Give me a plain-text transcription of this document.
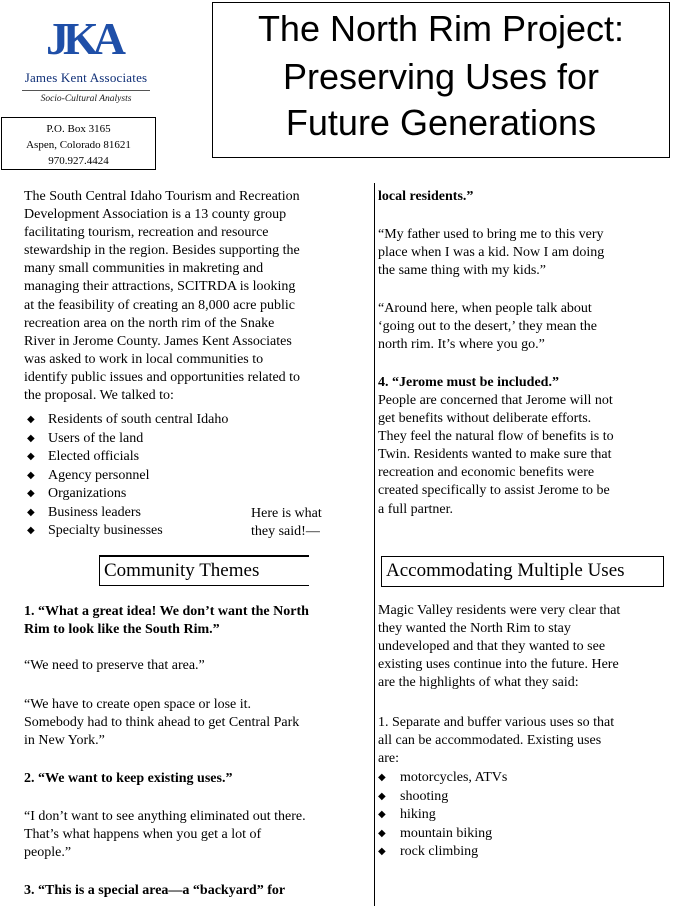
JKA
James Kent Associates
Socio-Cultural Analysts
P.O. Box 3165
Aspen, Colorado 81621
970.927.4424
The North Rim Project:
Preserving Uses for
Future Generations
The South Central Idaho Tourism and Recreation
Development Association is a 13 county group
facilitating tourism, recreation and resource
stewardship in the region. Besides supporting the
many small communities in makreting and
managing their attractions, SCITRDA is looking
at the feasibility of creating an 8,000 acre public
recreation area on the north rim of the Snake
River in Jerome County. James Kent Associates
was asked to work in local communities to
identify public issues and opportunities related to
the proposal. We talked to:
◆ Residents of south central Idaho
◆ Users of the land
◆ Elected officials
◆ Agency personnel
◆ Organizations
◆ Business leaders
◆ Specialty businesses
Here is what
they said!—
Community Themes
1. “What a great idea! We don’t want the North
Rim to look like the South Rim.”
“We need to preserve that area.”
“We have to create open space or lose it.
Somebody had to think ahead to get Central Park
in New York.”
2. “We want to keep existing uses.”
“I don’t want to see anything eliminated out there.
That’s what happens when you get a lot of
people.”
3. “This is a special area—a “backyard” for
local residents.”
“My father used to bring me to this very
place when I was a kid. Now I am doing
the same thing with my kids.”
“Around here, when people talk about
‘going out to the desert,’ they mean the
north rim. It’s where you go.”
4. “Jerome must be included.”
People are concerned that Jerome will not
get benefits without deliberate efforts.
They feel the natural flow of benefits is to
Twin. Residents wanted to make sure that
recreation and economic benefits were
created specifically to assist Jerome to be
a full partner.
Accommodating Multiple Uses
Magic Valley residents were very clear that
they wanted the North Rim to stay
undeveloped and that they wanted to see
existing uses continue into the future. Here
are the highlights of what they said:
1. Separate and buffer various uses so that
all can be accommodated. Existing uses
are:
◆ motorcycles, ATVs
◆ shooting
◆ hiking
◆ mountain biking
◆ rock climbing
